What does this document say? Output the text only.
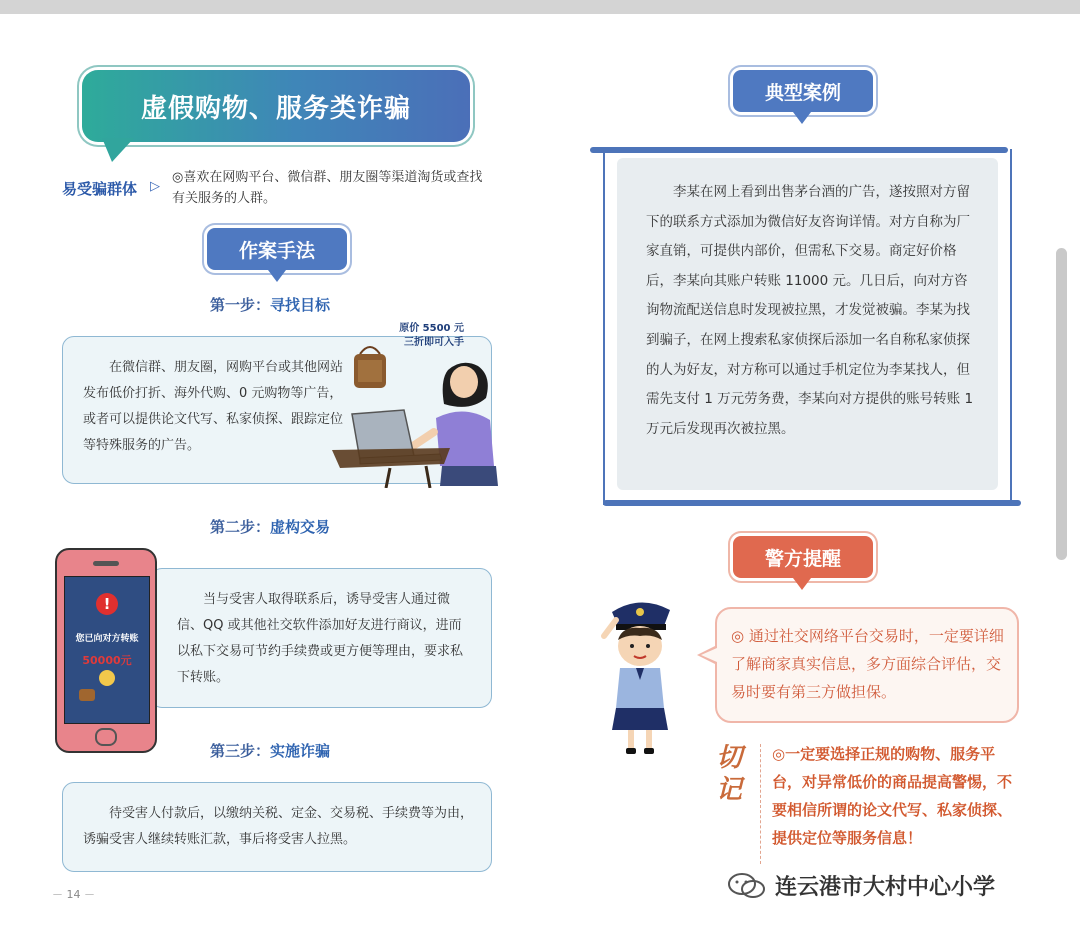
虚假购物、服务类诈骗
易受骗群体 ▷
◎喜欢在网购平台、微信群、朋友圈等渠道淘货或查找有关服务的人群。
作案手法
第一步：寻找目标

在微信群、朋友圈，网购平台或其他网站发布低价打折、海外代购、0 元购物等广告，或者可以提供论文代写、私家侦探、跟踪定位等特殊服务的广告。

原价 5500 元
三折即可入手
第二步：虚构交易

当与受害人取得联系后，诱导受害人通过微信、QQ 或其他社交软件添加好友进行商议，进而以私下交易可节约手续费或更方便等理由，要求私下转账。

!
您已向对方转账
50000元
第三步：实施诈骗

待受害人付款后，以缴纳关税、定金、交易税、手续费等为由，诱骗受害人继续转账汇款，事后将受害人拉黑。

典型案例
李某在网上看到出售茅台酒的广告，遂按照对方留下的联系方式添加为微信好友咨询详情。对方自称为厂家直销，可提供内部价，但需私下交易。商定好价格后，李某向其账户转账 11000 元。几日后，向对方咨询物流配送信息时发现被拉黑，才发觉被骗。李某为找到骗子，在网上搜索私家侦探后添加一名自称私家侦探的人为好友，对方称可以通过手机定位为李某找人，但需先支付 1 万元劳务费，李某向对方提供的账号转账 1 万元后发现再次被拉黑。
警方提醒
◎ 通过社交网络平台交易时，一定要详细了解商家真实信息，多方面综合评估，交易时要有第三方做担保。
切记
◎一定要选择正规的购物、服务平台，对异常低价的商品提高警惕，不要相信所谓的论文代写、私家侦探、提供定位等服务信息！
－ 14 －	连云港市大村中心小学
